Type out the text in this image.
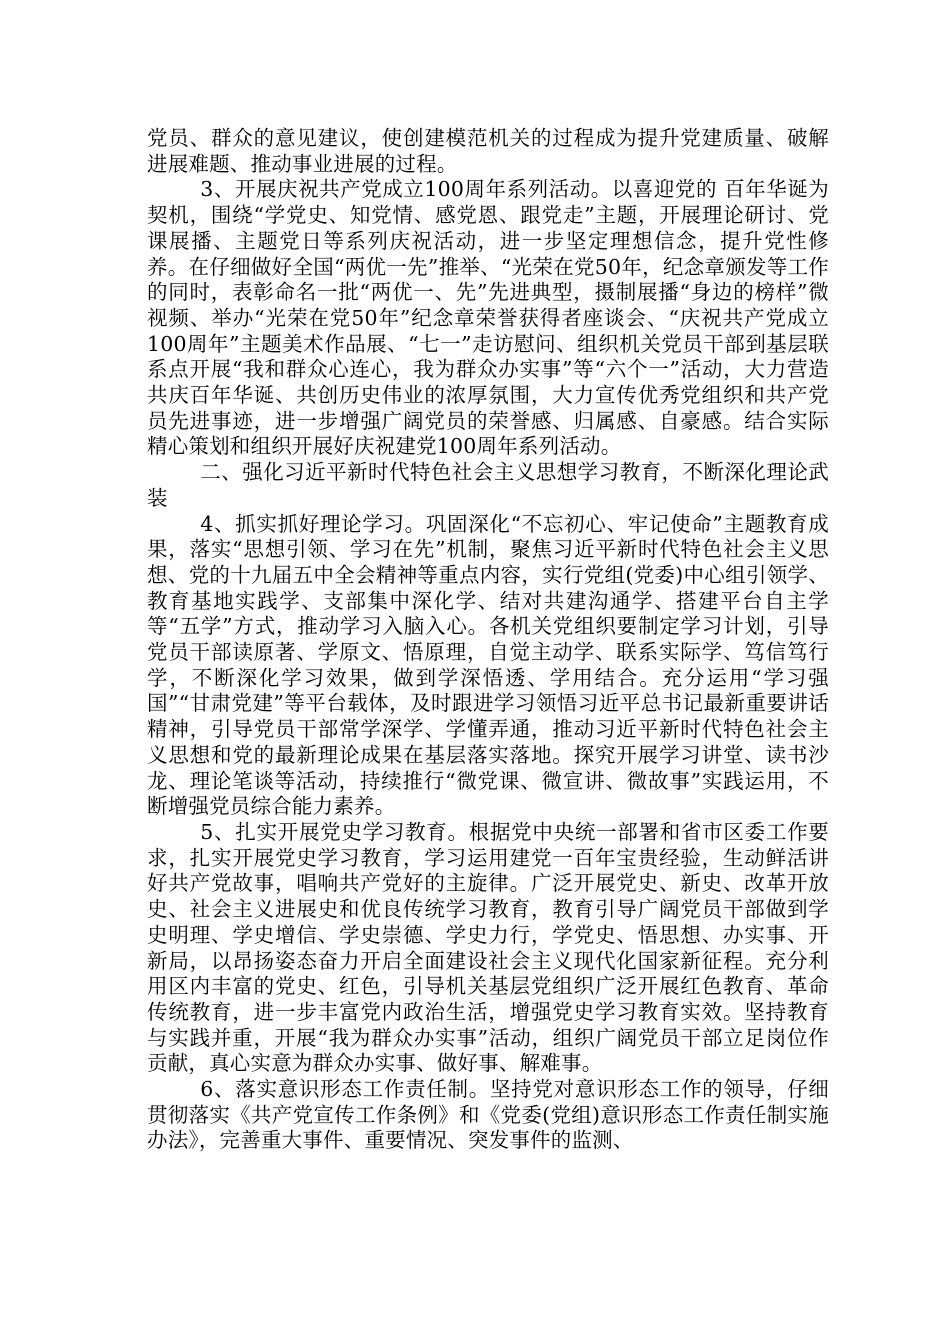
党员、群众的意见建议，使创建模范机关的过程成为提升党建质量、破解进展难题、推动事业进展的过程。

3、开展庆祝共产党成立100周年系列活动。以喜迎党的 百年华诞为契机，围绕“学党史、知党情、感党恩、跟党走”主题，开展理论研讨、党课展播、主题党日等系列庆祝活动，进一步坚定理想信念，提升党性修养。在仔细做好全国“两优一先”推举、“光荣在党50年，纪念章颁发等工作的同时，表彰命名一批“两优一、先”先进典型，摄制展播“身边的榜样”微视频、举办“光荣在党50年”纪念章荣誉获得者座谈会、“庆祝共产党成立100周年”主题美术作品展、“七一”走访慰问、组织机关党员干部到基层联系点开展“我和群众心连心，我为群众办实事”等“六个一”活动，大力营造共庆百年华诞、共创历史伟业的浓厚氛围，大力宣传优秀党组织和共产党员先进事迹，进一步增强广阔党员的荣誉感、归属感、自豪感。结合实际精心策划和组织开展好庆祝建党100周年系列活动。

二、强化习近平新时代特色社会主义思想学习教育，不断深化理论武装

4、抓实抓好理论学习。巩固深化“不忘初心、牢记使命”主题教育成果，落实“思想引领、学习在先”机制，聚焦习近平新时代特色社会主义思想、党的十九届五中全会精神等重点内容，实行党组(党委)中心组引领学、教育基地实践学、支部集中深化学、结对共建沟通学、搭建平台自主学等“五学”方式，推动学习入脑入心。各机关党组织要制定学习计划，引导党员干部读原著、学原文、悟原理，自觉主动学、联系实际学、笃信笃行学，不断深化学习效果，做到学深悟透、学用结合。充分运用“学习强国”“甘肃党建”等平台载体，及时跟进学习领悟习近平总书记最新重要讲话精神，引导党员干部常学深学、学懂弄通，推动习近平新时代特色社会主义思想和党的最新理论成果在基层落实落地。探究开展学习讲堂、读书沙龙、理论笔谈等活动，持续推行“微党课、微宣讲、微故事”实践运用，不断增强党员综合能力素养。

5、扎实开展党史学习教育。根据党中央统一部署和省市区委工作要求，扎实开展党史学习教育，学习运用建党一百年宝贵经验，生动鲜活讲好共产党故事，唱响共产党好的主旋律。广泛开展党史、新史、改革开放史、社会主义进展史和优良传统学习教育，教育引导广阔党员干部做到学史明理、学史增信、学史崇德、学史力行，学党史、悟思想、办实事、开新局，以昂扬姿态奋力开启全面建设社会主义现代化国家新征程。充分利用区内丰富的党史、红色，引导机关基层党组织广泛开展红色教育、革命传统教育，进一步丰富党内政治生活，增强党史学习教育实效。坚持教育与实践并重，开展“我为群众办实事”活动，组织广阔党员干部立足岗位作贡献，真心实意为群众办实事、做好事、解难事。

6、落实意识形态工作责任制。坚持党对意识形态工作的领导，仔细贯彻落实《共产党宣传工作条例》和《党委(党组)意识形态工作责任制实施办法》，完善重大事件、重要情况、突发事件的监测、
